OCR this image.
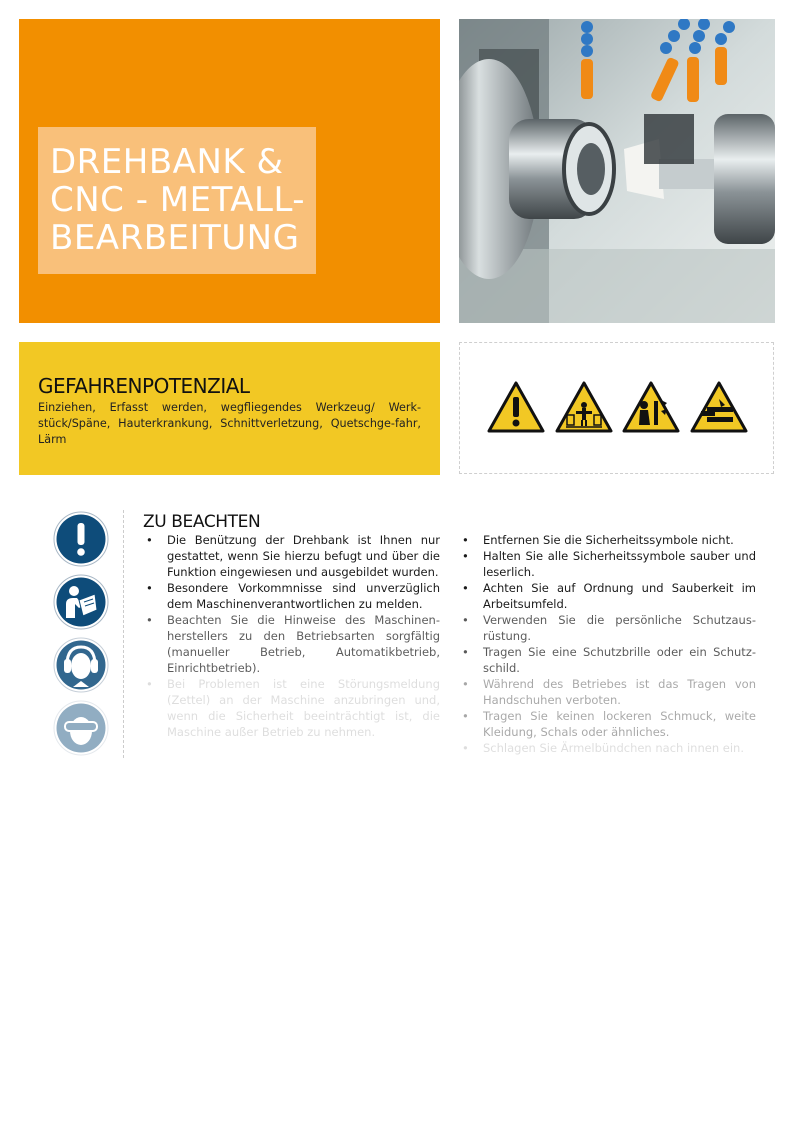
DREHBANK &
CNC - METALL-
BEARBEITUNG
GEFAHRENPOTENZIAL
Einziehen, Erfasst werden, wegfliegendes Werkzeug/ Werk-stück/Späne, Hauterkrankung, Schnittverletzung, Quetschge-fahr, Lärm
ZU BEACHTEN
• Die Benützung der Drehbank ist Ihnen nur gestattet, wenn Sie hierzu befugt und über die Funktion eingewiesen und ausgebildet wurden.
• Besondere Vorkommnisse sind unverzüglich dem Maschinenverantwortlichen zu melden.
• Beachten Sie die Hinweise des Maschinen-herstellers zu den Betriebsarten sorgfältig (manueller Betrieb, Automatikbetrieb, Einrichtbetrieb).
• Bei Problemen ist eine Störungsmeldung (Zettel) an der Maschine anzubringen und, wenn die Sicherheit beeinträchtigt ist, die Maschine außer Betrieb zu nehmen.
• Entfernen Sie die Sicherheitssymbole nicht.
• Halten Sie alle Sicherheitssymbole sauber und leserlich.
• Achten Sie auf Ordnung und Sauberkeit im Arbeitsumfeld.
• Verwenden Sie die persönliche Schutzaus-rüstung.
• Tragen Sie eine Schutzbrille oder ein Schutz-schild.
• Während des Betriebes ist das Tragen von Handschuhen verboten.
• Tragen Sie keinen lockeren Schmuck, weite Kleidung, Schals oder ähnliches.
• Schlagen Sie Ärmelbündchen nach innen ein.
